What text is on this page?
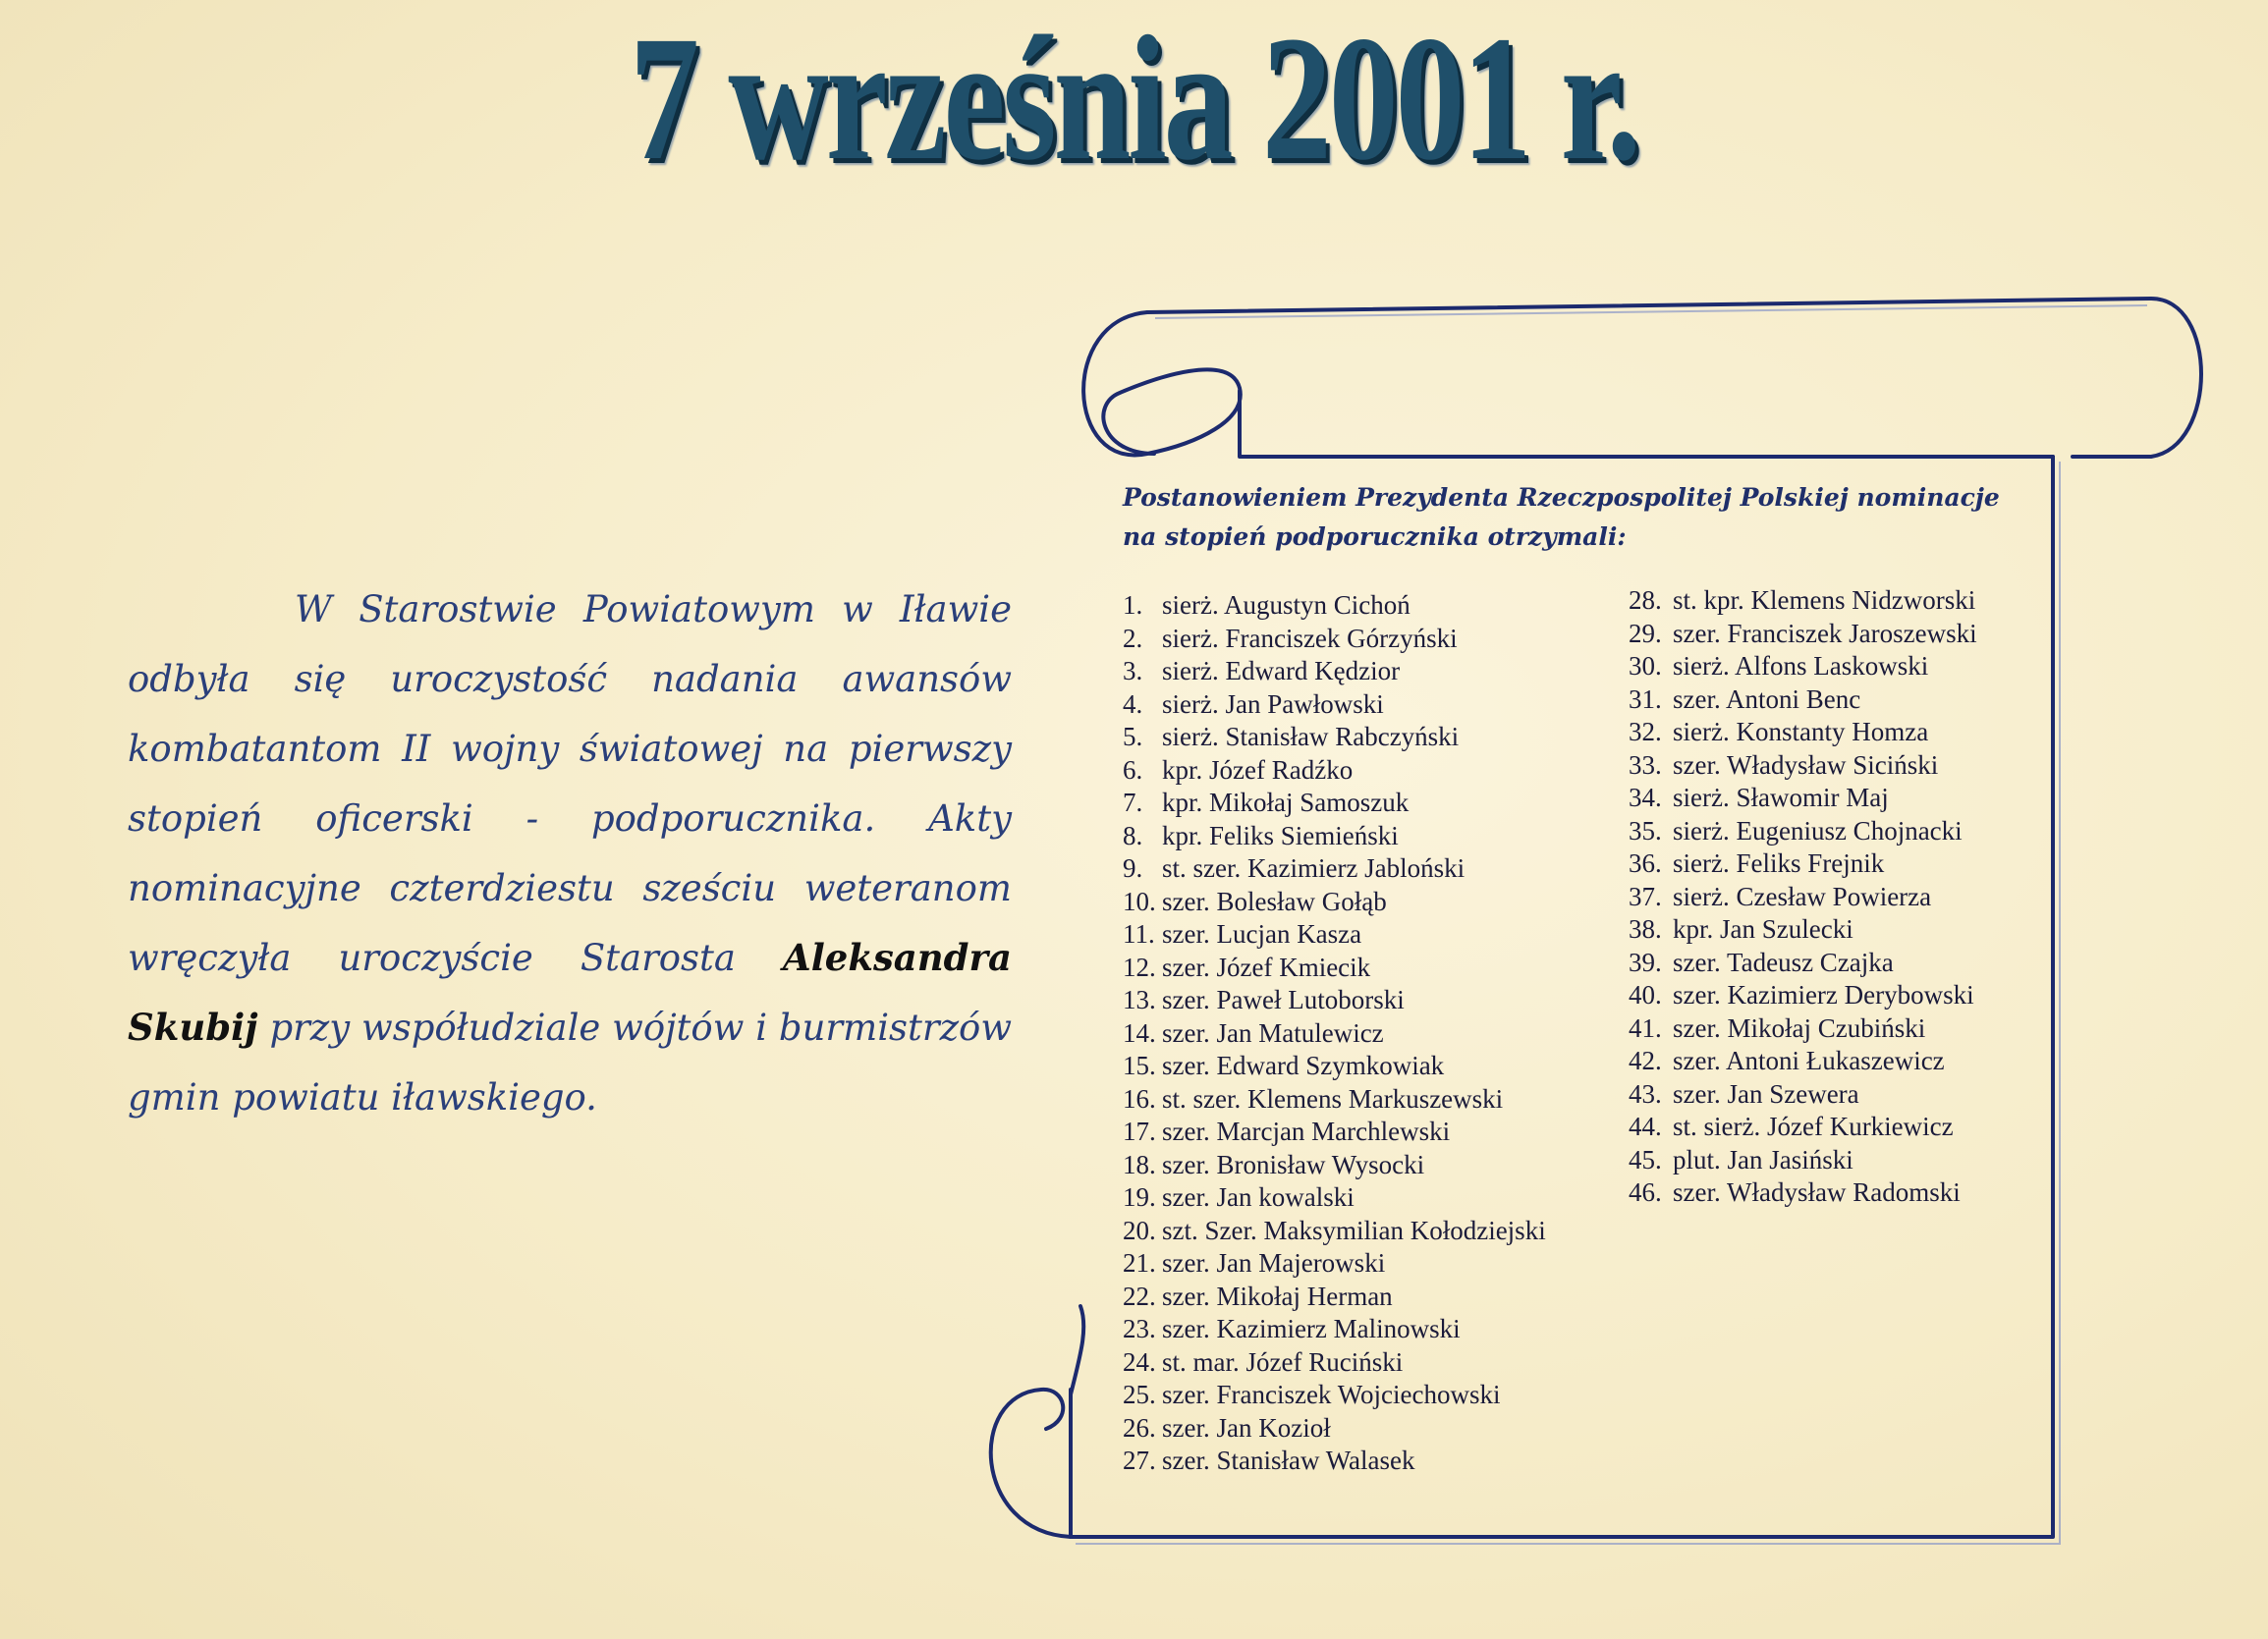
7 września 2001 r.

W Starostwie Powiatowym w Iławie odbyła się uroczystość nadania awansów kombatantom II wojny światowej na pierwszy stopień oficerski - podporucznika. Akty nominacyjne czterdziestu sześciu weteranom wręczyła uroczyście Starosta Aleksandra Skubij przy współudziale wójtów i burmistrzów gmin powiatu iławskiego.

Postanowieniem Prezydenta Rzeczpospolitej Polskiej nominacje na stopień podporucznika otrzymali:

1. sierż. Augustyn Cichoń
2. sierż. Franciszek Górzyński
3. sierż. Edward Kędzior
4. sierż. Jan Pawłowski
5. sierż. Stanisław Rabczyński
6. kpr. Józef Radźko
7. kpr. Mikołaj Samoszuk
8. kpr. Feliks Siemieński
9. st. szer. Kazimierz Jabloński
10. szer. Bolesław Gołąb
11. szer. Lucjan Kasza
12. szer. Józef Kmiecik
13. szer. Paweł Lutoborski
14. szer. Jan Matulewicz
15. szer. Edward Szymkowiak
16. st. szer. Klemens Markuszewski
17. szer. Marcjan Marchlewski
18. szer. Bronisław Wysocki
19. szer. Jan kowalski
20. szt. Szer. Maksymilian Kołodziejski
21. szer. Jan Majerowski
22. szer. Mikołaj Herman
23. szer. Kazimierz Malinowski
24. st. mar. Józef Ruciński
25. szer. Franciszek Wojciechowski
26. szer. Jan Kozioł
27. szer. Stanisław Walasek
28. st. kpr. Klemens Nidzworski
29. szer. Franciszek Jaroszewski
30. sierż. Alfons Laskowski
31. szer. Antoni Benc
32. sierż. Konstanty Homza
33. szer. Władysław Siciński
34. sierż. Sławomir Maj
35. sierż. Eugeniusz Chojnacki
36. sierż. Feliks Frejnik
37. sierż. Czesław Powierza
38. kpr. Jan Szulecki
39. szer. Tadeusz Czajka
40. szer. Kazimierz Derybowski
41. szer. Mikołaj Czubiński
42. szer. Antoni Łukaszewicz
43. szer. Jan Szewera
44. st. sierż. Józef Kurkiewicz
45. plut. Jan Jasiński
46. szer. Władysław Radomski
